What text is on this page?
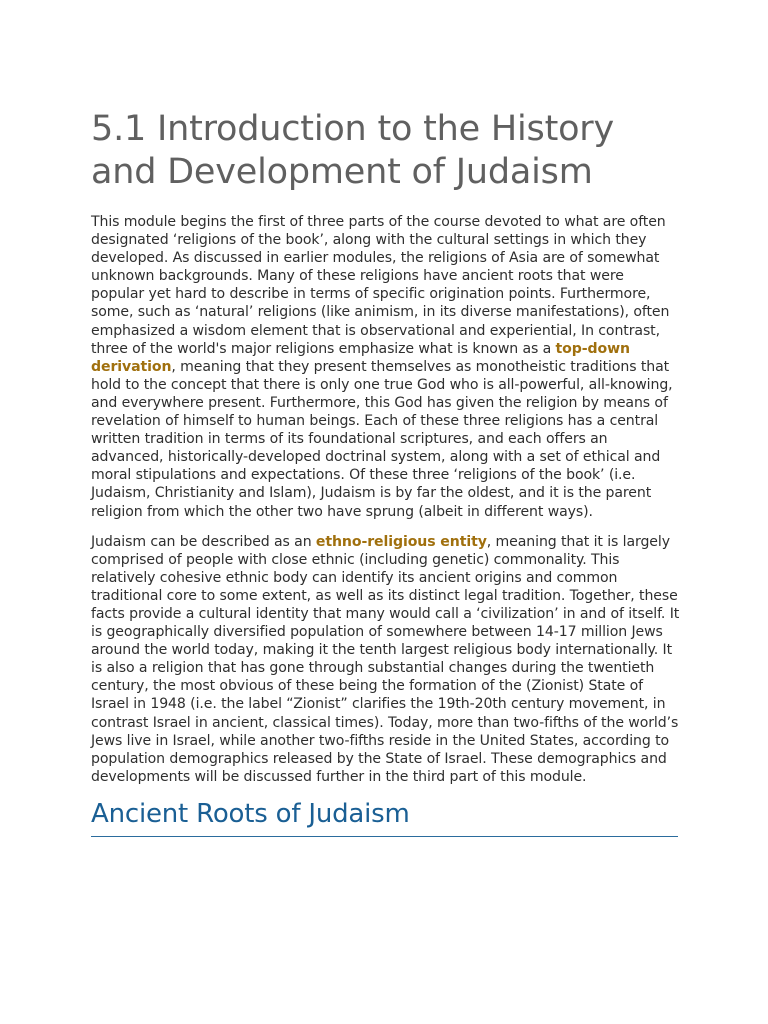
5.1 Introduction to the History and Development of Judaism

This module begins the first of three parts of the course devoted to what are often designated ‘religions of the book’, along with the cultural settings in which they developed. As discussed in earlier modules, the religions of Asia are of somewhat unknown backgrounds. Many of these religions have ancient roots that were popular yet hard to describe in terms of specific origination points. Furthermore, some, such as ‘natural’ religions (like animism, in its diverse manifestations), often emphasized a wisdom element that is observational and experiential, In contrast, three of the world's major religions emphasize what is known as a top-down derivation, meaning that they present themselves as monotheistic traditions that hold to the concept that there is only one true God who is all-powerful, all-knowing, and everywhere present. Furthermore, this God has given the religion by means of revelation of himself to human beings. Each of these three religions has a central written tradition in terms of its foundational scriptures, and each offers an advanced, historically-developed doctrinal system, along with a set of ethical and moral stipulations and expectations. Of these three ‘religions of the book’ (i.e. Judaism, Christianity and Islam), Judaism is by far the oldest, and it is the parent religion from which the other two have sprung (albeit in different ways).

Judaism can be described as an ethno-religious entity, meaning that it is largely comprised of people with close ethnic (including genetic) commonality. This relatively cohesive ethnic body can identify its ancient origins and common traditional core to some extent, as well as its distinct legal tradition. Together, these facts provide a cultural identity that many would call a ‘civilization’ in and of itself. It is geographically diversified population of somewhere between 14-17 million Jews around the world today, making it the tenth largest religious body internationally. It is also a religion that has gone through substantial changes during the twentieth century, the most obvious of these being the formation of the (Zionist) State of Israel in 1948 (i.e. the label “Zionist” clarifies the 19th-20th century movement, in contrast Israel in ancient, classical times). Today, more than two-fifths of the world’s Jews live in Israel, while another two-fifths reside in the United States, according to population demographics released by the State of Israel. These demographics and developments will be discussed further in the third part of this module.

Ancient Roots of Judaism
